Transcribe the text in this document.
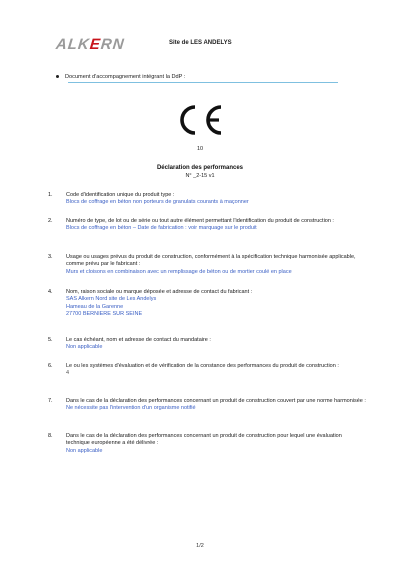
ALKERN	Site de LES ANDELYS
Document d'accompagnement intégrant la DdP :
10
Déclaration des performances
N° _2-15 v1
1. Code d'identification unique du produit type :
Blocs de coffrage en béton non porteurs de granulats courants à maçonner
2. Numéro de type, de lot ou de série ou tout autre élément permettant l'identification du produit de construction :
Blocs de coffrage en béton – Date de fabrication : voir marquage sur le produit
3. Usage ou usages prévus du produit de construction, conformément à la spécification technique harmonisée applicable, comme prévu par le fabricant :
Murs et cloisons en combinaison avec un remplissage de béton ou de mortier coulé en place
4. Nom, raison sociale ou marque déposée et adresse de contact du fabricant :
SAS Alkern Nord site de Les Andelys
Hameau de la Garenne
27700 BERNIERE SUR SEINE
5. Le cas échéant, nom et adresse de contact du mandataire :
Non applicable
6. Le ou les systèmes d'évaluation et de vérification de la constance des performances du produit de construction :
4
7. Dans le cas de la déclaration des performances concernant un produit de construction couvert par une norme harmonisée :
Ne nécessite pas l'intervention d'un organisme notifié
8. Dans le cas de la déclaration des performances concernant un produit de construction pour lequel une évaluation technique européenne a été délivrée :
Non applicable
1/2
